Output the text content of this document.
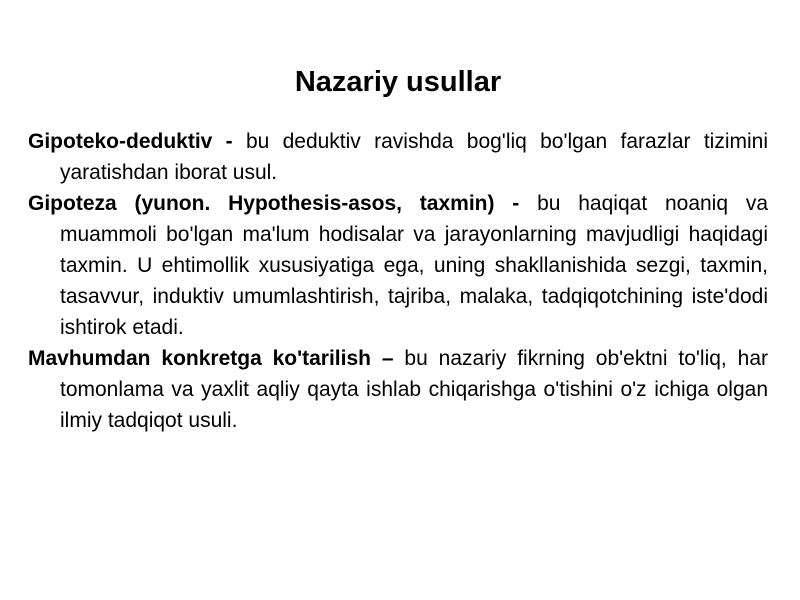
Nazariy usullar

Gipoteko-deduktiv - bu deduktiv ravishda bog'liq bo'lgan farazlar tizimini yaratishdan iborat usul.

Gipoteza (yunon. Hypothesis-asos, taxmin) - bu haqiqat noaniq va muammoli bo'lgan ma'lum hodisalar va jarayonlarning mavjudligi haqidagi taxmin. U ehtimollik xususiyatiga ega, uning shakllanishida sezgi, taxmin, tasavvur, induktiv umumlashtirish, tajriba, malaka, tadqiqotchining iste'dodi ishtirok etadi.

Mavhumdan konkretga ko'tarilish – bu nazariy fikrning ob'ektni to'liq, har tomonlama va yaxlit aqliy qayta ishlab chiqarishga o'tishini o'z ichiga olgan ilmiy tadqiqot usuli.
